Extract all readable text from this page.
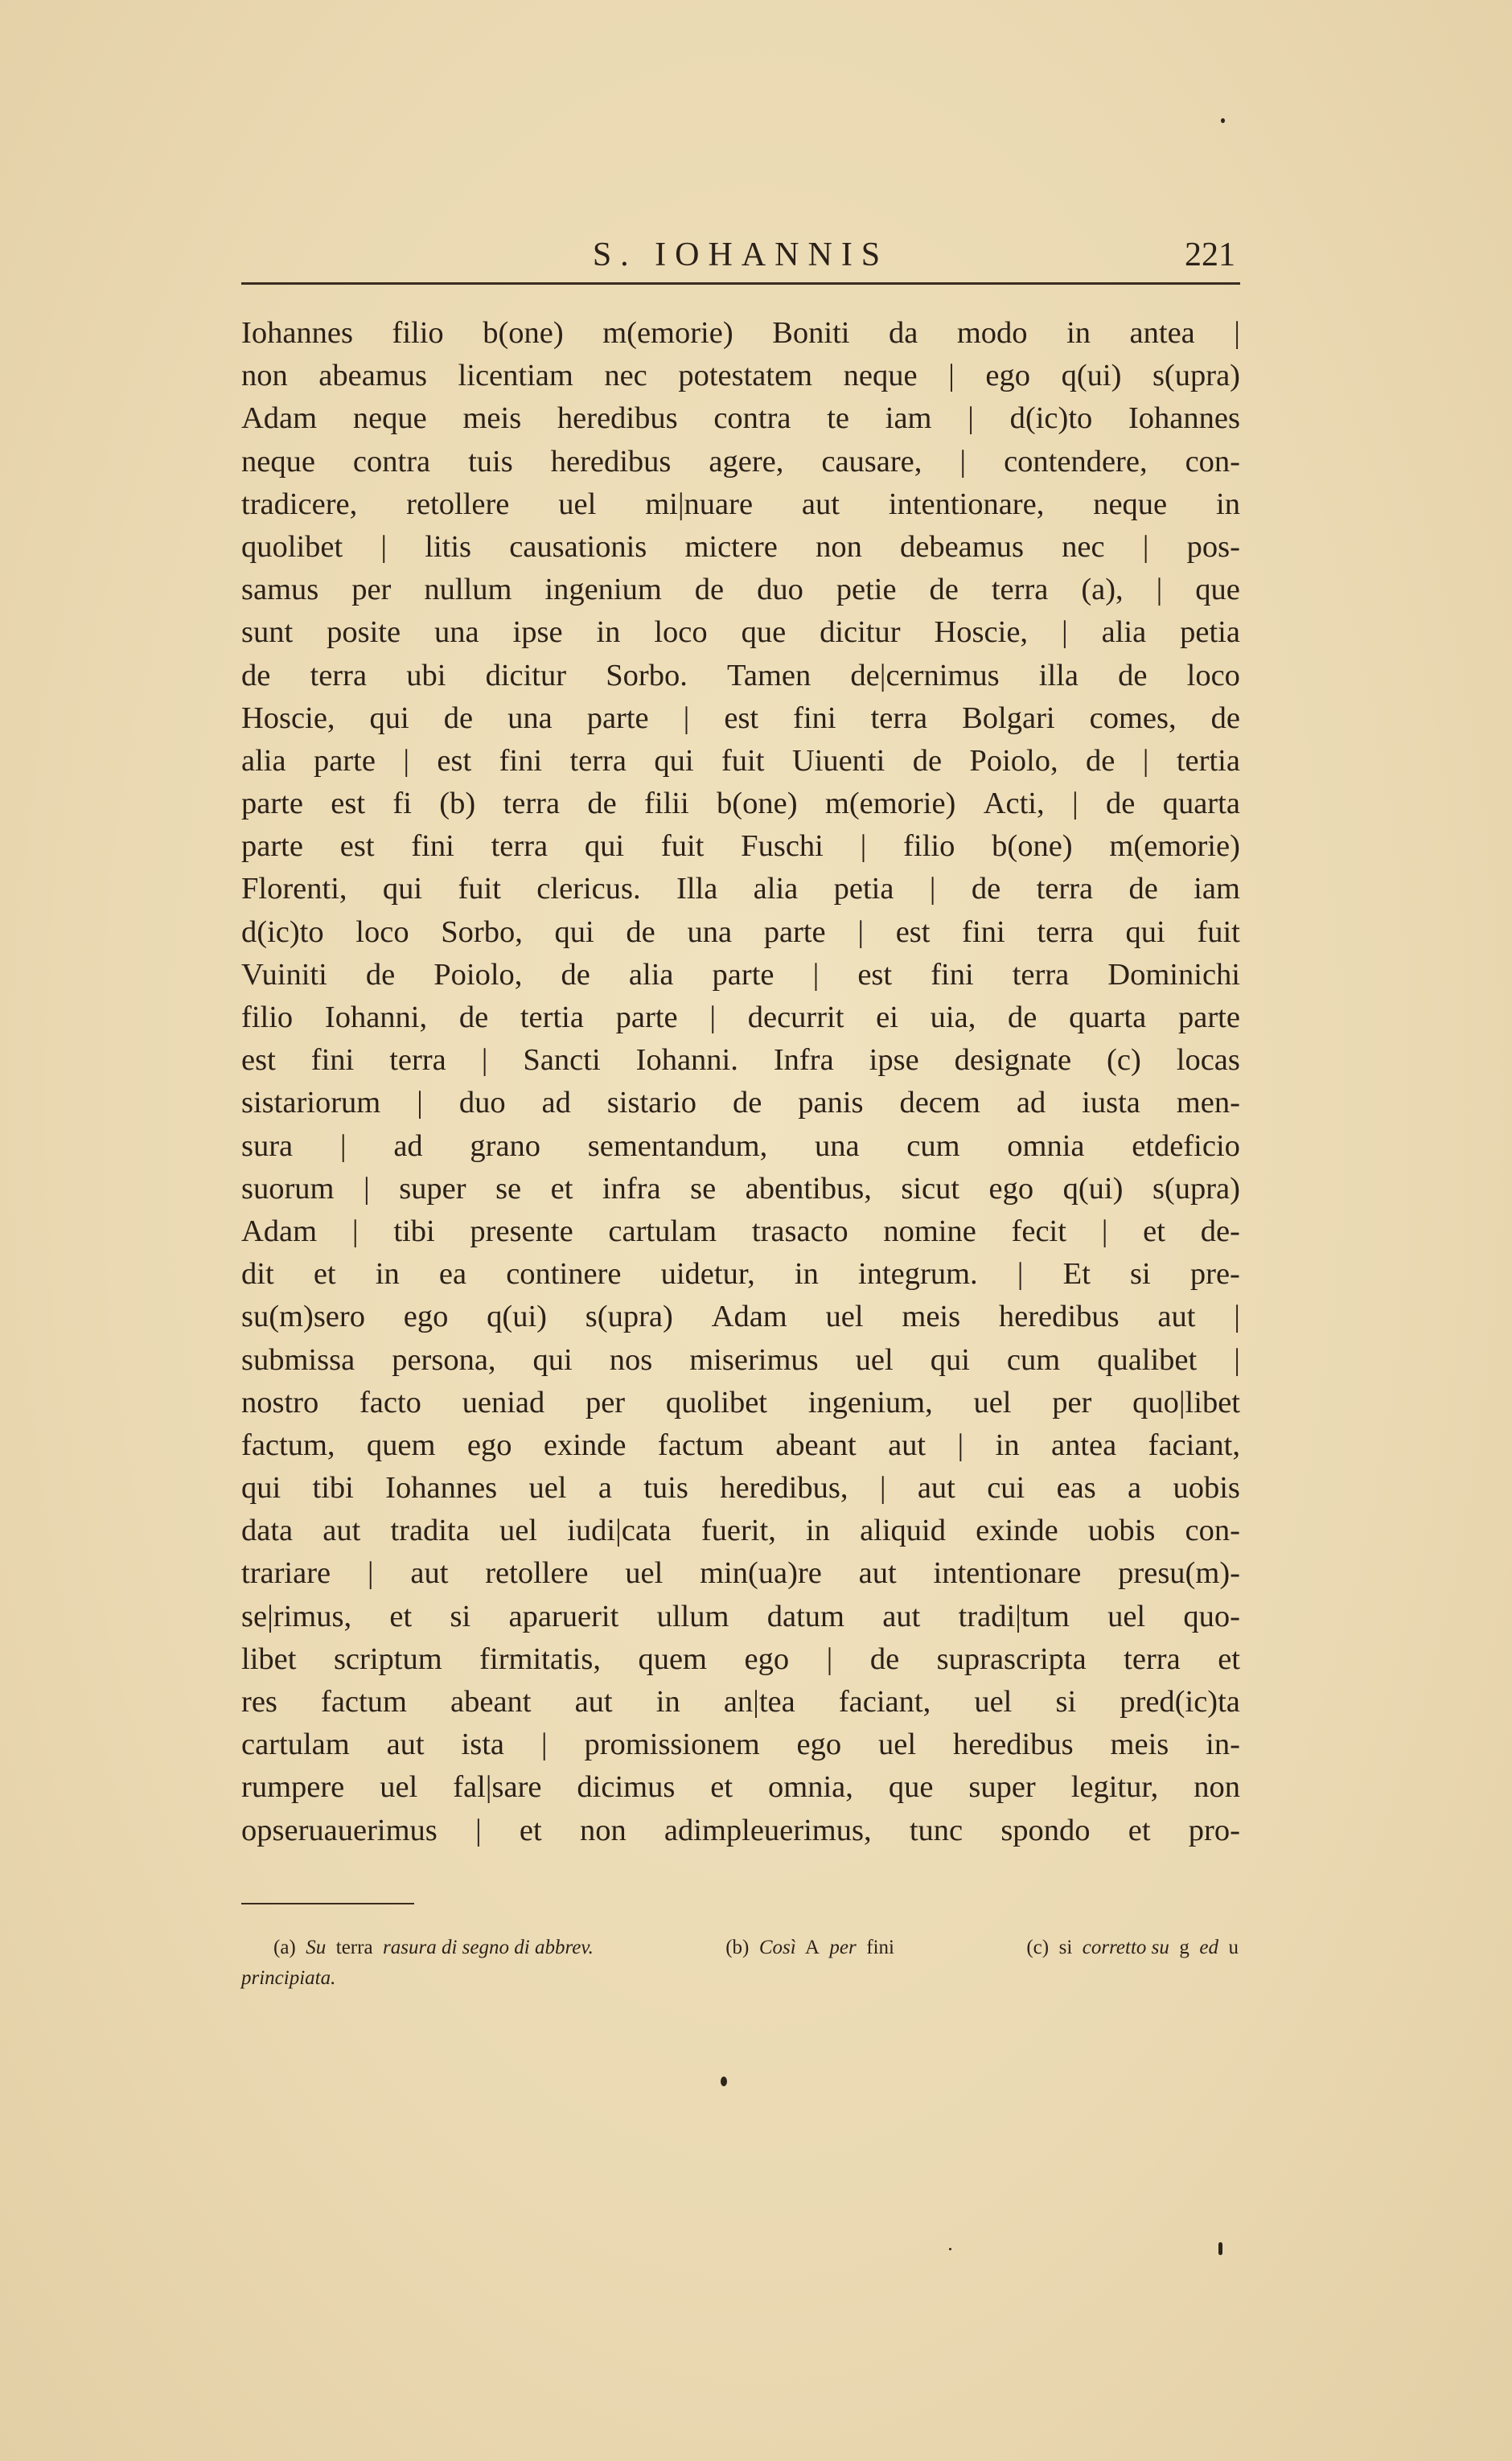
S. IOHANNIS	221
Iohannes filio b(one) m(emorie) Boniti da modo in antea |
non abeamus licentiam nec potestatem neque | ego q(ui) s(upra)
Adam neque meis heredibus contra te iam | d(ic)to Iohannes
neque contra tuis heredibus agere, causare, | contendere, con-
tradicere, retollere uel mi|nuare aut intentionare, neque in
quolibet | litis causationis mictere non debeamus nec | pos-
samus per nullum ingenium de duo petie de terra (a), | que
sunt posite una ipse in loco que dicitur Hoscie, | alia petia
de terra ubi dicitur Sorbo. Tamen de|cernimus illa de loco
Hoscie, qui de una parte | est fini terra Bolgari comes, de
alia parte | est fini terra qui fuit Uiuenti de Poiolo, de | tertia
parte est fi (b) terra de filii b(one) m(emorie) Acti, | de quarta
parte est fini terra qui fuit Fuschi | filio b(one) m(emorie)
Florenti, qui fuit clericus. Illa alia petia | de terra de iam
d(ic)to loco Sorbo, qui de una parte | est fini terra qui fuit
Vuiniti de Poiolo, de alia parte | est fini terra Dominichi
filio Iohanni, de tertia parte | decurrit ei uia, de quarta parte
est fini terra | Sancti Iohanni. Infra ipse designate (c) locas
sistariorum | duo ad sistario de panis decem ad iusta men-
sura | ad grano sementandum, una cum omnia etdeficio
suorum | super se et infra se abentibus, sicut ego q(ui) s(upra)
Adam | tibi presente cartulam trasacto nomine fecit | et de-
dit et in ea continere uidetur, in integrum. | Et si pre-
su(m)sero ego q(ui) s(upra) Adam uel meis heredibus aut |
submissa persona, qui nos miserimus uel qui cum qualibet |
nostro facto ueniad per quolibet ingenium, uel per quo|libet
factum, quem ego exinde factum abeant aut | in antea faciant,
qui tibi Iohannes uel a tuis heredibus, | aut cui eas a uobis
data aut tradita uel iudi|cata fuerit, in aliquid exinde uobis con-
trariare | aut retollere uel min(ua)re aut intentionare presu(m)-
se|rimus, et si aparuerit ullum datum aut tradi|tum uel quo-
libet scriptum firmitatis, quem ego | de suprascripta terra et
res factum abeant aut in an|tea faciant, uel si pred(ic)ta
cartulam aut ista | promissionem ego uel heredibus meis in-
rumpere uel fal|sare dicimus et omnia, que super legitur, non
opseruauerimus | et non adimpleuerimus, tunc spondo et pro-
(a) Su terra rasura di segno di abbrev.	(b) Così A per fini	(c) si corretto su g ed u
principiata.
